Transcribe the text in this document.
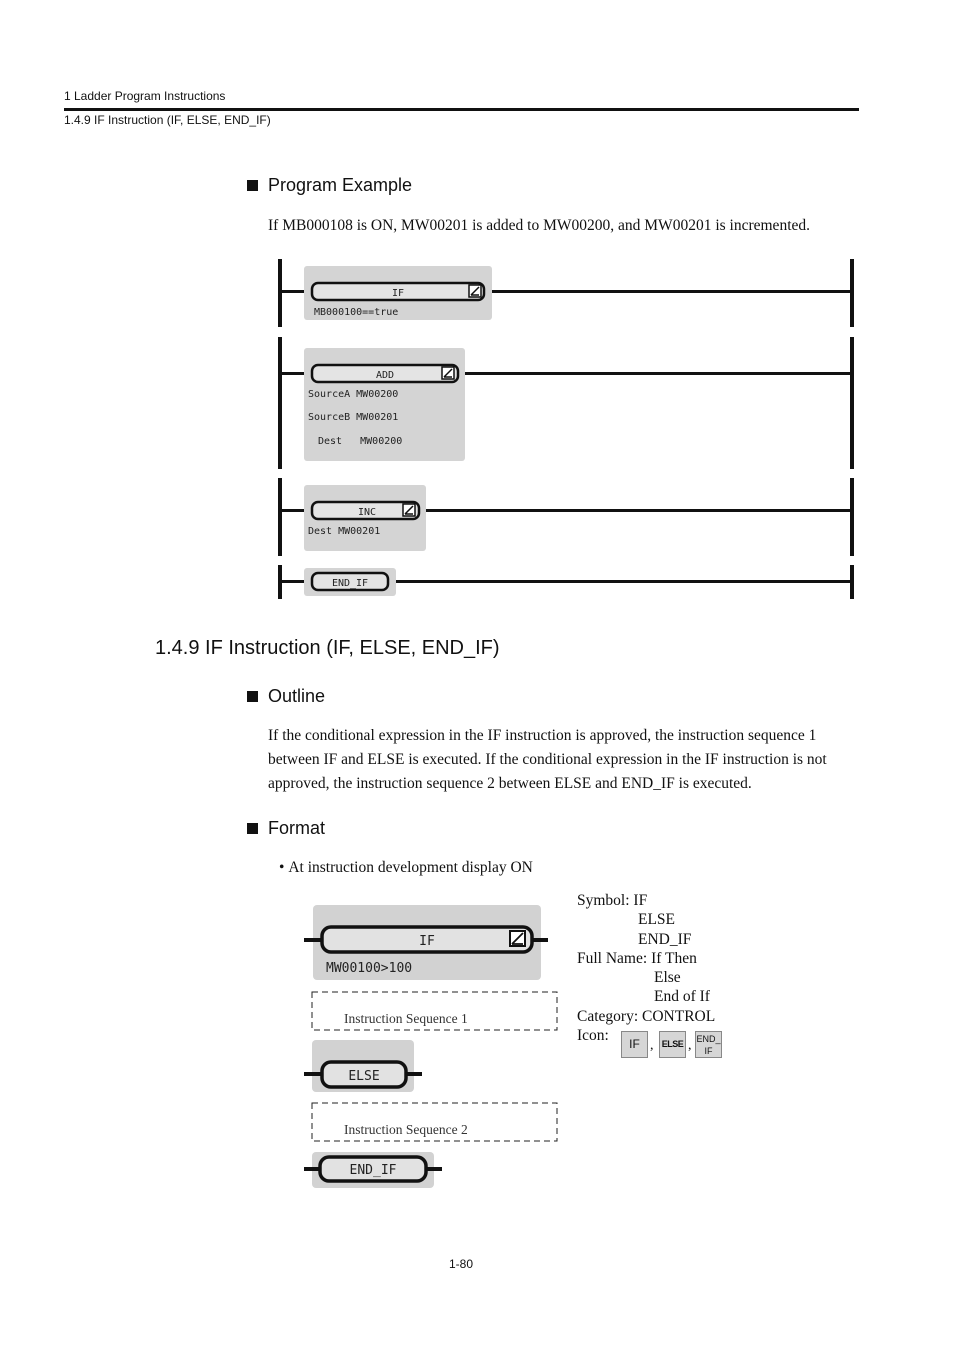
1 Ladder Program Instructions
1.4.9 IF Instruction (IF, ELSE, END_IF)
Program Example
If MB000108 is ON, MW00201 is added to MW00200, and MW00201 is incremented.
IF
MB000100==true
ADD
SourceA MW00200
SourceB MW00201
Dest   MW00200
INC
Dest MW00201
END_IF
1.4.9 IF Instruction (IF, ELSE, END_IF)
Outline
If the conditional expression in the IF instruction is approved, the instruction sequence 1 between IF and ELSE is executed. If the conditional expression in the IF instruction is not approved, the instruction sequence 2 between ELSE and END_IF is executed.
Format
• At instruction development display ON
IF
MW00100>100
Instruction Sequence 1
ELSE
Instruction Sequence 2
END_IF
Symbol: IF
ELSE
END_IF
Full Name: If Then
Else
End of If
Category: CONTROL
Icon:	IF , ELSE , END_
IF
1-80
